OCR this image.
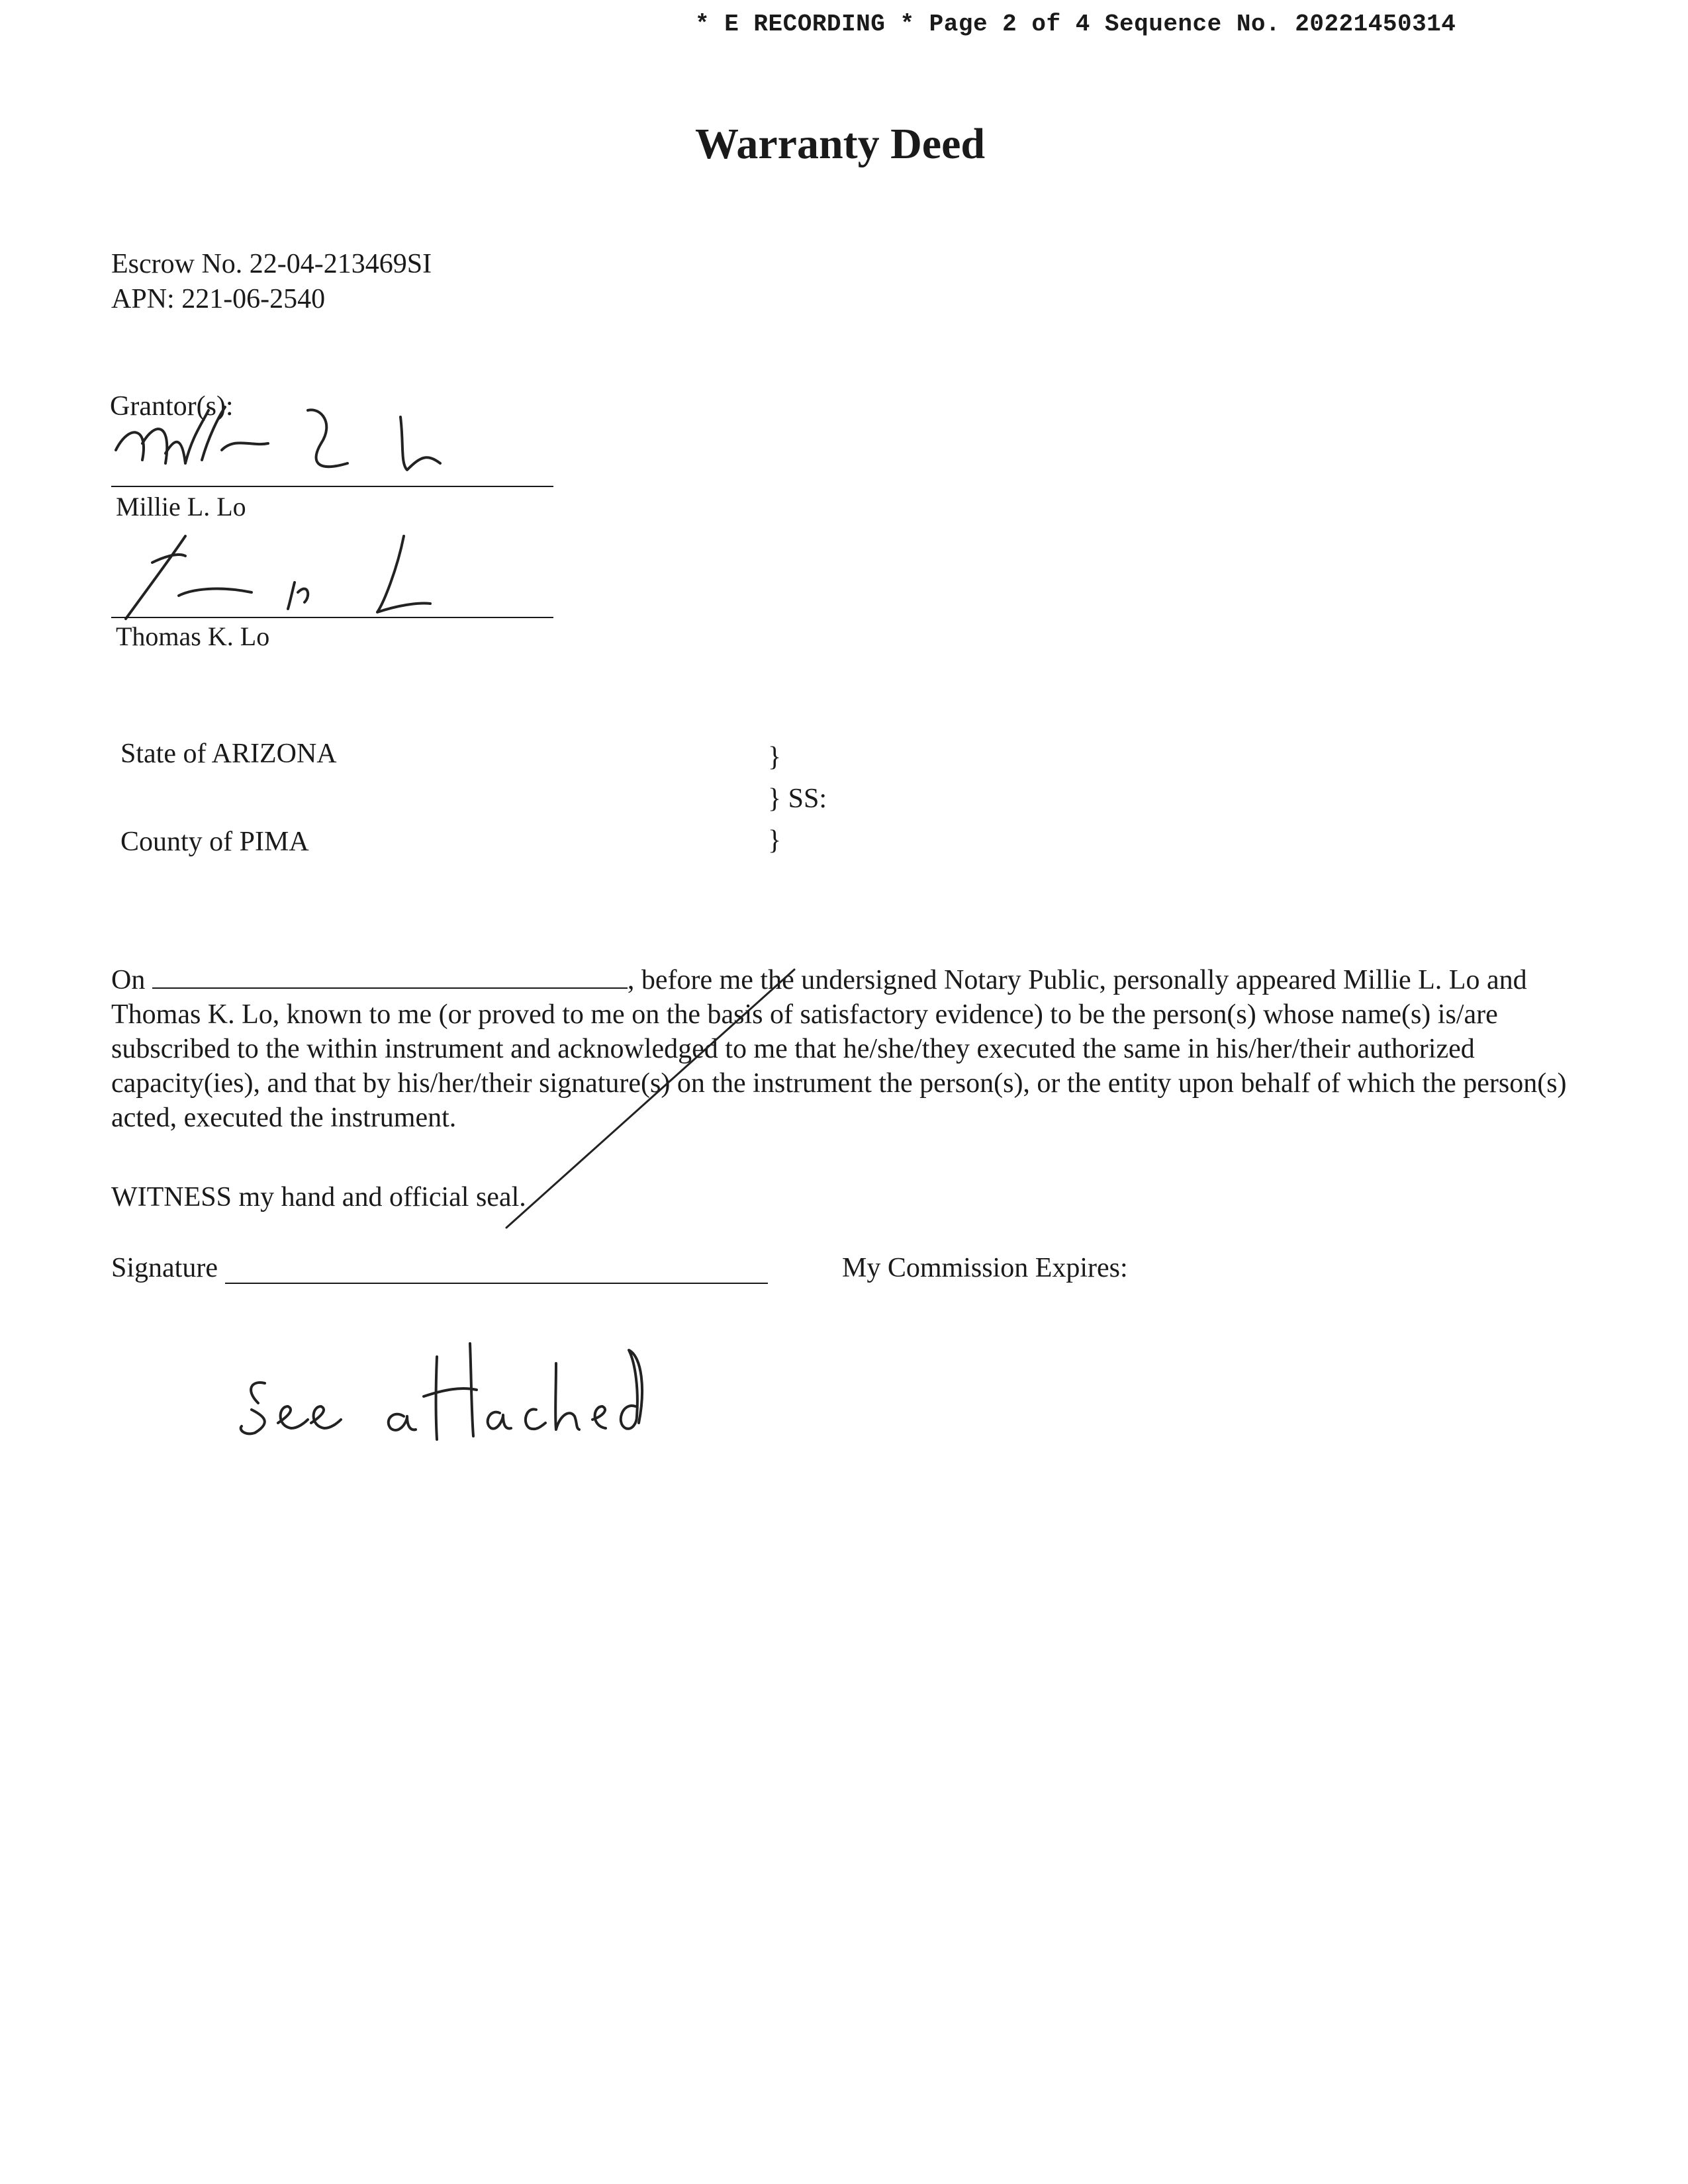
* E RECORDING * Page 2 of 4 Sequence No. 20221450314
Warranty Deed
Escrow No. 22-04-213469SI
APN: 221-06-2540
Grantor(s):
Millie L. Lo
Thomas K. Lo
State of ARIZONA
County of PIMA
}
} SS:
}
On	, before me the undersigned Notary Public, personally appeared Millie L. Lo and Thomas K. Lo, known to me (or proved to me on the basis of satisfactory evidence) to be the person(s) whose name(s) is/are subscribed to the within instrument and acknowledged to me that he/she/they executed the same in his/her/their authorized capacity(ies), and that by his/her/their signature(s) on the instrument the person(s), or the entity upon behalf of which the person(s) acted, executed the instrument.
WITNESS my hand and official seal.
Signature	My Commission Expires:
